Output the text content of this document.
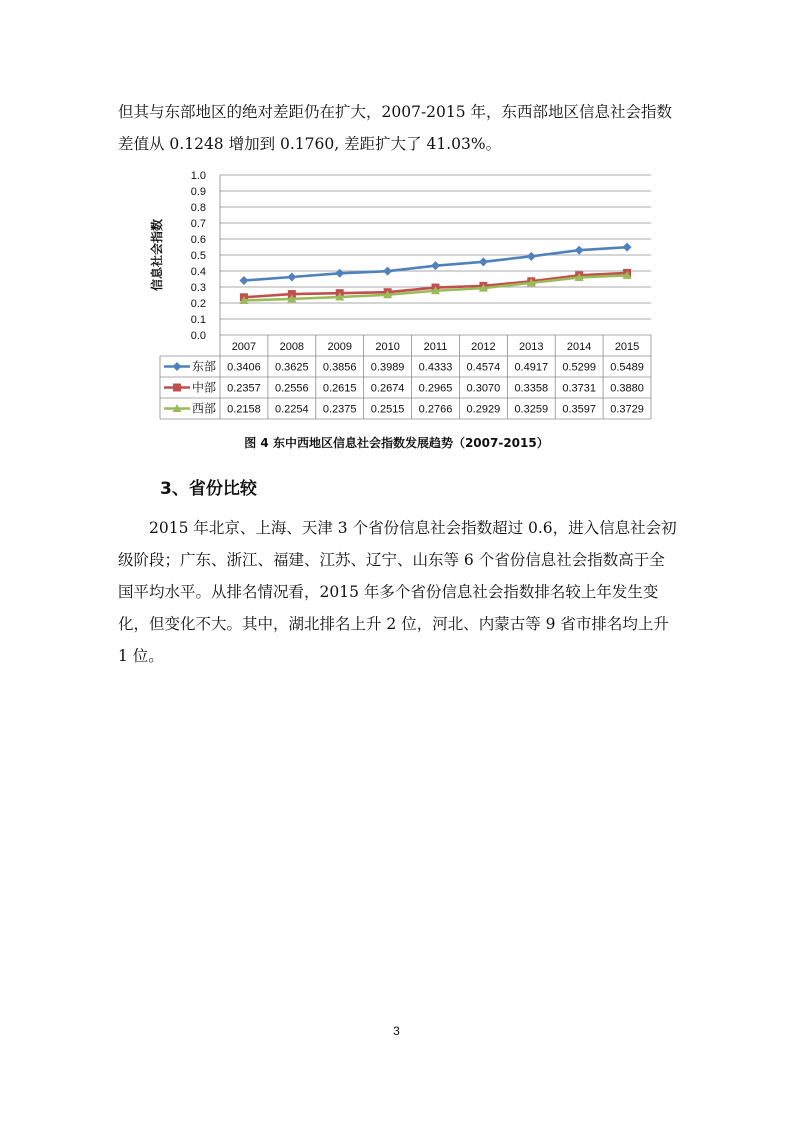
但其与东部地区的绝对差距仍在扩大，2007-2015 年，东西部地区信息社会指数差值从 0.1248 增加到 0.1760, 差距扩大了 41.03%。

信息社会指数
0.0
0.1
0.2
0.3
0.4
0.5
0.6
0.7
0.8
0.9
1.0
2007 2008 2009 2010 2011 2012 2013 2014 2015
东部 0.3406 0.3625 0.3856 0.3989 0.4333 0.4574 0.4917 0.5299 0.5489
中部 0.2357 0.2556 0.2615 0.2674 0.2965 0.3070 0.3358 0.3731 0.3880
西部 0.2158 0.2254 0.2375 0.2515 0.2766 0.2929 0.3259 0.3597 0.3729

图 4 东中西地区信息社会指数发展趋势（2007-2015）

3、省份比较

2015 年北京、上海、天津 3 个省份信息社会指数超过 0.6，进入信息社会初级阶段；广东、浙江、福建、江苏、辽宁、山东等 6 个省份信息社会指数高于全国平均水平。从排名情况看，2015 年多个省份信息社会指数排名较上年发生变化，但变化不大。其中，湖北排名上升 2 位，河北、内蒙古等 9 省市排名均上升 1 位。

3
